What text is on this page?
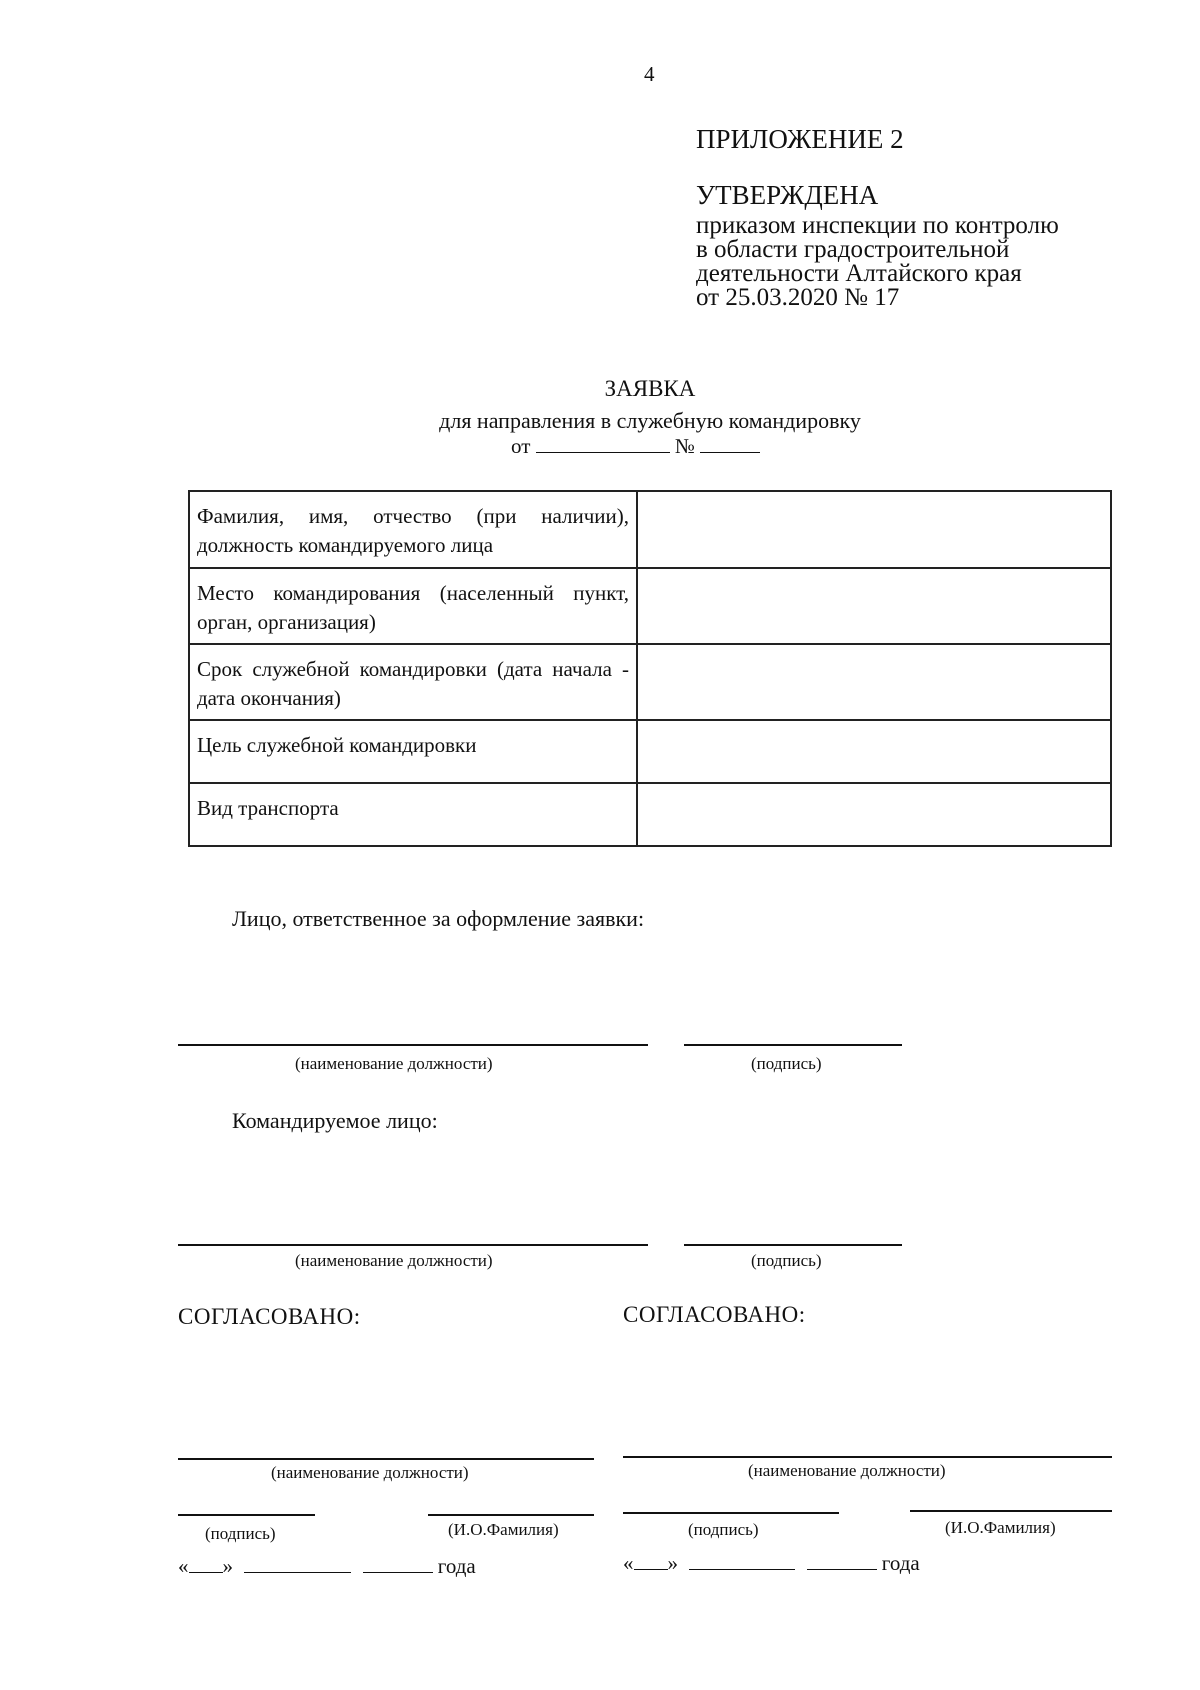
4
ПРИЛОЖЕНИЕ 2
УТВЕРЖДЕНА
приказом инспекции по контролю
в области градостроительной
деятельности Алтайского края
от 25.03.2020 № 17
ЗАЯВКА
для направления в служебную командировку
от	№
Фамилия, имя, отчество (при наличии), должность командируемого лица	
Место командирования (населенный пункт, орган, организация)	
Срок служебной командировки (дата начала - дата окончания)	
Цель служебной командировки	
Вид транспорта	
Лицо, ответственное за оформление заявки:
(наименование должности)	(подпись)
Командируемое лицо:
(наименование должности)	(подпись)
СОГЛАСОВАНО:
(наименование должности)
(подпись)	(И.О.Фамилия)
« »	года
СОГЛАСОВАНО:
(наименование должности)
(подпись)	(И.О.Фамилия)
« »	года
